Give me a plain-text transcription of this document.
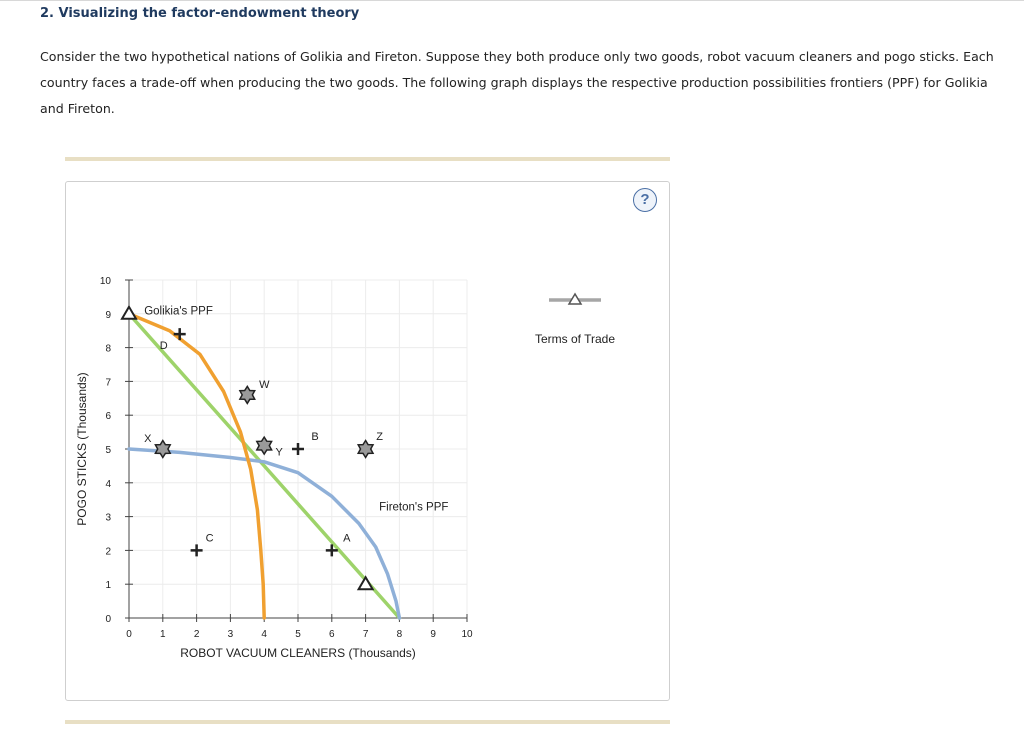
2. Visualizing the factor-endowment theory
Consider the two hypothetical nations of Golikia and Fireton. Suppose they both produce only two goods, robot vacuum cleaners and pogo sticks. Each country faces a trade-off when producing the two goods. The following graph displays the respective production possibilities frontiers (PPF) for Golikia and Fireton.
?
0	1	2	3	4	5	6	7	8	9	10
0
1
2
3
4
5
6
7
8
9
10
D
C
B
A
X
W
Y
Z
Golikia's PPF
Fireton's PPF
ROBOT VACUUM CLEANERS (Thousands)
POGO STICKS (Thousands)
Terms of Trade
